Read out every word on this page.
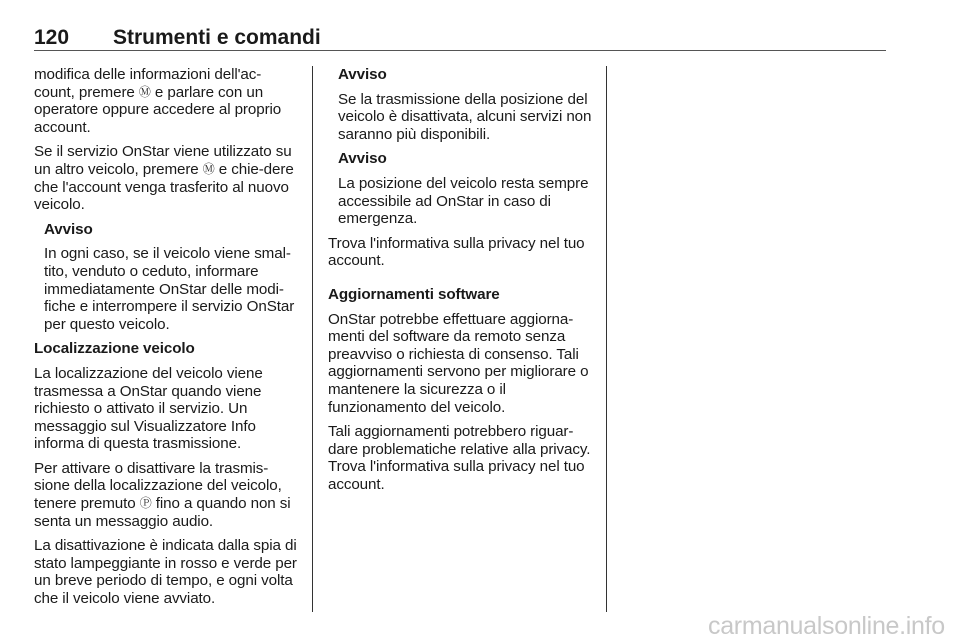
120 Strumenti e comandi

modifica delle informazioni dell'ac-
count, premere Ⓜ e parlare con un operatore oppure accedere al proprio account.

Se il servizio OnStar viene utilizzato su un altro veicolo, premere Ⓜ e chie-dere che l'account venga trasferito al nuovo veicolo.

Avviso

In ogni caso, se il veicolo viene smal-tito, venduto o ceduto, informare immediatamente OnStar delle modi-fiche e interrompere il servizio OnStar per questo veicolo.

Localizzazione veicolo

La localizzazione del veicolo viene trasmessa a OnStar quando viene richiesto o attivato il servizio. Un messaggio sul Visualizzatore Info informa di questa trasmissione.

Per attivare o disattivare la trasmis-sione della localizzazione del veicolo, tenere premuto Ⓟ fino a quando non si senta un messaggio audio.

La disattivazione è indicata dalla spia di stato lampeggiante in rosso e verde per un breve periodo di tempo, e ogni volta che il veicolo viene avviato.

Avviso

Se la trasmissione della posizione del veicolo è disattivata, alcuni servizi non saranno più disponibili.

Avviso

La posizione del veicolo resta sempre accessibile ad OnStar in caso di emergenza.

Trova l'informativa sulla privacy nel tuo account.

Aggiornamenti software

OnStar potrebbe effettuare aggiorna-menti del software da remoto senza preavviso o richiesta di consenso. Tali aggiornamenti servono per migliorare o mantenere la sicurezza o il funzionamento del veicolo.

Tali aggiornamenti potrebbero riguar-dare problematiche relative alla privacy. Trova l'informativa sulla privacy nel tuo account.

carmanualsonline.info
